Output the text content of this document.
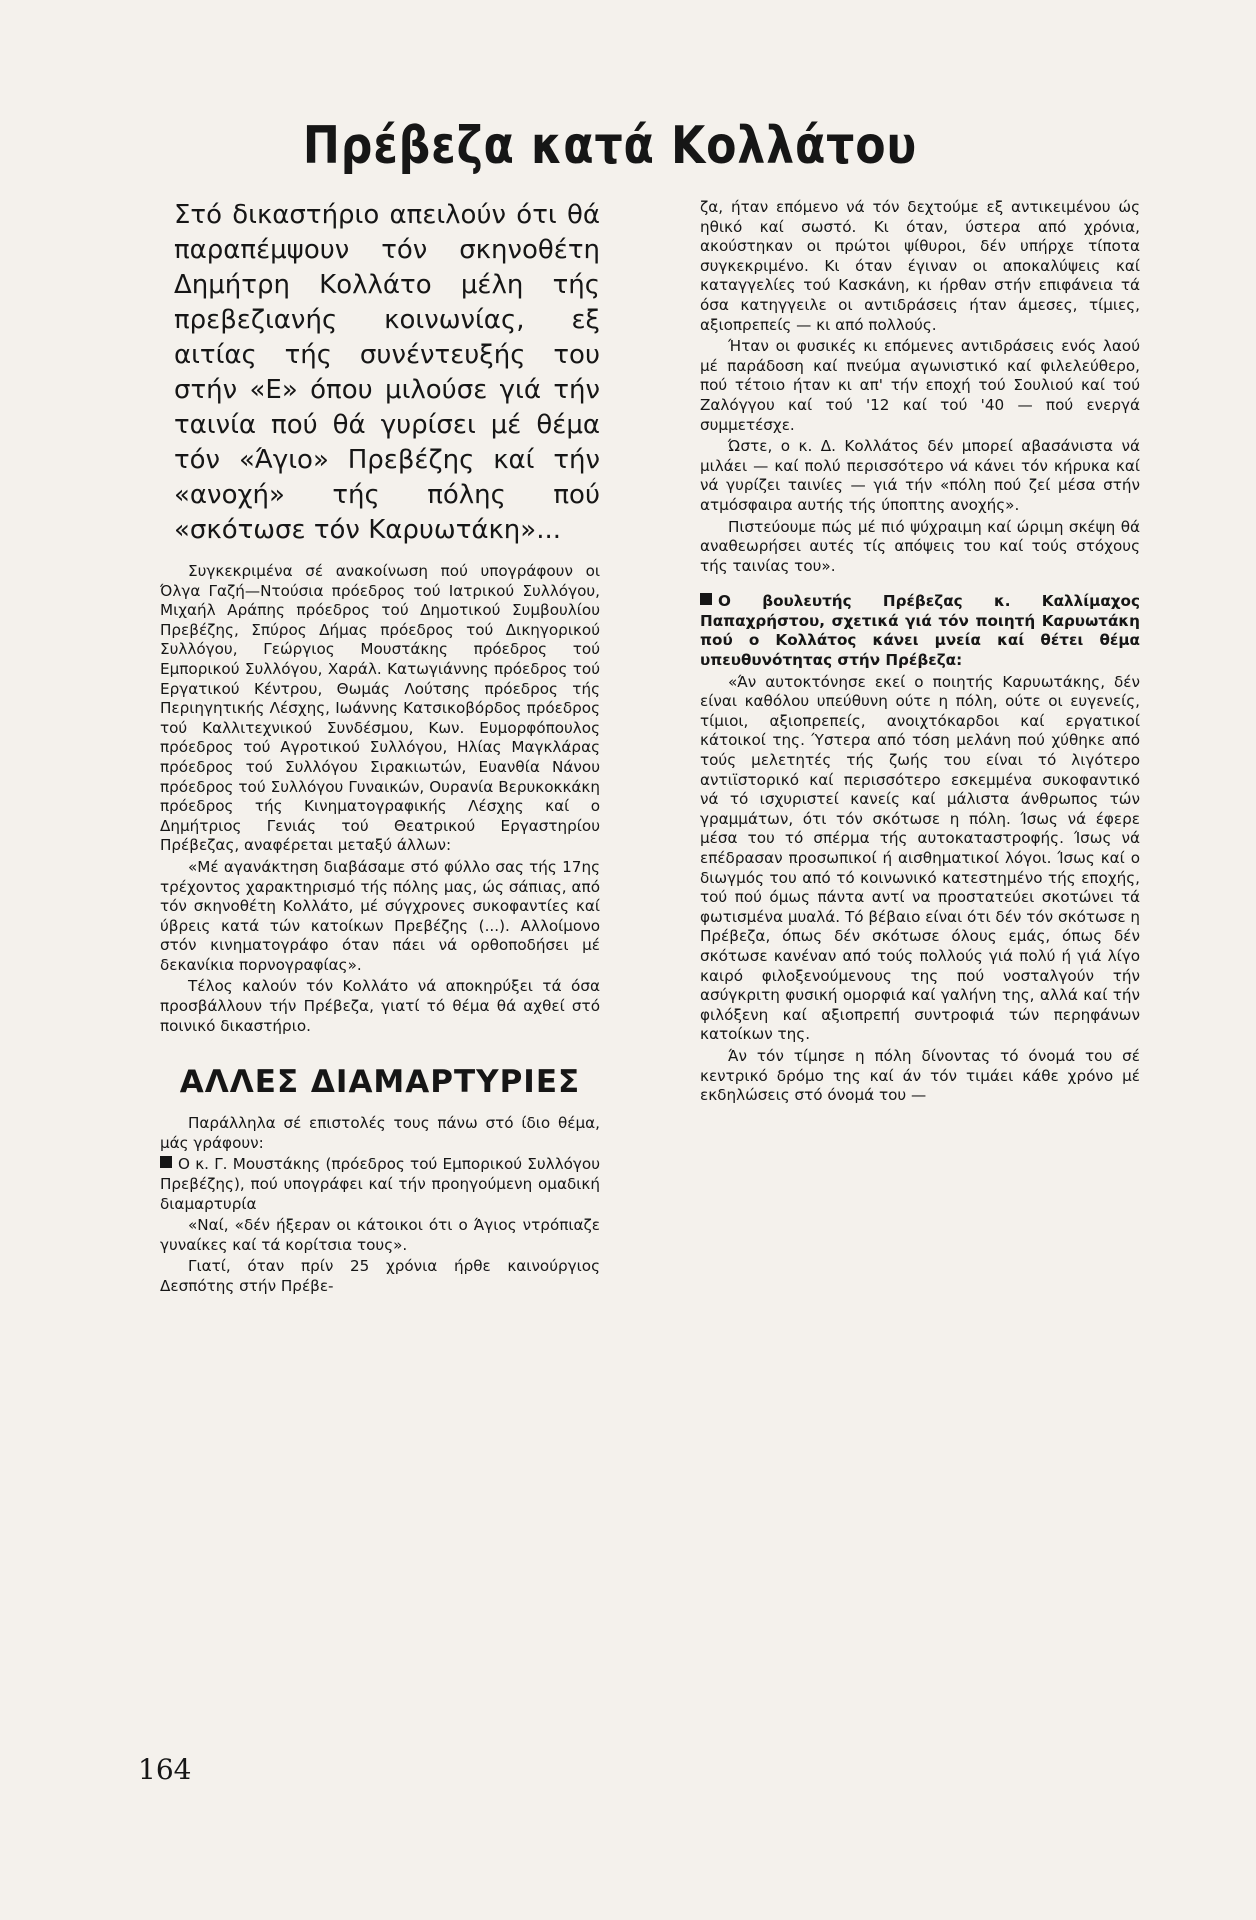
Πρέβεζα κατά Κολλάτου
Στό δικαστήριο απειλούν ότι θά παραπέμψουν τόν σκηνοθέτη Δημήτρη Κολλάτο μέλη τής πρεβεζιανής κοινωνίας, εξ αιτίας τής συνέντευξής του στήν «Ε» όπου μιλούσε γιά τήν ταινία πού θά γυρίσει μέ θέμα τόν «Άγιο» Πρεβέζης καί τήν «ανοχή» τής πόλης πού «σκότωσε τόν Καρυωτάκη»...

Συγκεκριμένα σέ ανακοίνωση πού υπογράφουν οι Όλγα Γαζή—Ντούσια πρόεδρος τού Ιατρικού Συλλόγου, Μιχαήλ Αράπης πρόεδρος τού Δημοτικού Συμβουλίου Πρεβέζης, Σπύρος Δήμας πρόεδρος τού Δικηγορικού Συλλόγου, Γεώργιος Μουστάκης πρόεδρος τού Εμπορικού Συλλόγου, Χαράλ. Κατωγιάννης πρόεδρος τού Εργατικού Κέντρου, Θωμάς Λούτσης πρόεδρος τής Περιηγητικής Λέσχης, Ιωάννης Κατσικοβόρδος πρόεδρος τού Καλλιτεχνικού Συνδέσμου, Κων. Ευμορφόπουλος πρόεδρος τού Αγροτικού Συλλόγου, Ηλίας Μαγκλάρας πρόεδρος τού Συλλόγου Σιρακιωτών, Ευανθία Νάνου πρόεδρος τού Συλλόγου Γυναικών, Ουρανία Βερυκοκκάκη πρόεδρος τής Κινηματογραφικής Λέσχης καί ο Δημήτριος Γενιάς τού Θεατρικού Εργαστηρίου Πρέβεζας, αναφέρεται μεταξύ άλλων:

«Μέ αγανάκτηση διαβάσαμε στό φύλλο σας τής 17ης τρέχοντος χαρακτηρισμό τής πόλης μας, ώς σάπιας, από τόν σκηνοθέτη Κολλάτο, μέ σύγχρονες συκοφαντίες καί ύβρεις κατά τών κατοίκων Πρεβέζης (...). Αλλοίμονο στόν κινηματογράφο όταν πάει νά ορθοποδήσει μέ δεκανίκια πορνογραφίας».

Τέλος καλούν τόν Κολλάτο νά αποκηρύξει τά όσα προσβάλλουν τήν Πρέβεζα, γιατί τό θέμα θά αχθεί στό ποινικό δικαστήριο.

ΑΛΛΕΣ ΔΙΑΜΑΡΤΥΡΙΕΣ

Παράλληλα σέ επιστολές τους πάνω στό ίδιο θέμα, μάς γράφουν:

Ο κ. Γ. Μουστάκης (πρόεδρος τού Εμπορικού Συλλόγου Πρεβέζης), πού υπογράφει καί τήν προηγούμενη ομαδική διαμαρτυρία

«Ναί, «δέν ήξεραν οι κάτοικοι ότι ο Άγιος ντρόπιαζε γυναίκες καί τά κορίτσια τους».

Γιατί, όταν πρίν 25 χρόνια ήρθε καινούργιος Δεσπότης στήν Πρέβε-

ζα, ήταν επόμενο νά τόν δεχτούμε εξ αντικειμένου ώς ηθικό καί σωστό. Κι όταν, ύστερα από χρόνια, ακούστηκαν οι πρώτοι ψίθυροι, δέν υπήρχε τίποτα συγκεκριμένο. Κι όταν έγιναν οι αποκαλύψεις καί καταγγελίες τού Κασκάνη, κι ήρθαν στήν επιφάνεια τά όσα κατηγγειλε οι αντιδράσεις ήταν άμεσες, τίμιες, αξιοπρεπείς — κι από πολλούς.

Ήταν οι φυσικές κι επόμενες αντιδράσεις ενός λαού μέ παράδοση καί πνεύμα αγωνιστικό καί φιλελεύθερο, πού τέτοιο ήταν κι απ' τήν εποχή τού Σουλιού καί τού Ζαλόγγου καί τού '12 καί τού '40 — πού ενεργά συμμετέσχε.

Ώστε, ο κ. Δ. Κολλάτος δέν μπορεί αβασάνιστα νά μιλάει — καί πολύ περισσότερο νά κάνει τόν κήρυκα καί νά γυρίζει ταινίες — γιά τήν «πόλη πού ζεί μέσα στήν ατμόσφαιρα αυτής τής ύποπτης ανοχής».

Πιστεύουμε πώς μέ πιό ψύχραιμη καί ώριμη σκέψη θά αναθεωρήσει αυτές τίς απόψεις του καί τούς στόχους τής ταινίας του».

Ο βουλευτής Πρέβεζας κ. Καλλίμαχος Παπαχρήστου, σχετικά γιά τόν ποιητή Καρυωτάκη πού ο Κολλάτος κάνει μνεία καί θέτει θέμα υπευθυνότητας στήν Πρέβεζα:

«Άν αυτοκτόνησε εκεί ο ποιητής Καρυωτάκης, δέν είναι καθόλου υπεύθυνη ούτε η πόλη, ούτε οι ευγενείς, τίμιοι, αξιοπρεπείς, ανοιχτόκαρδοι καί εργατικοί κάτοικοί της. Ύστερα από τόση μελάνη πού χύθηκε από τούς μελετητές τής ζωής του είναι τό λιγότερο αντιϊστορικό καί περισσότερο εσκεμμένα συκοφαντικό νά τό ισχυριστεί κανείς καί μάλιστα άνθρωπος τών γραμμάτων, ότι τόν σκότωσε η πόλη. Ίσως νά έφερε μέσα του τό σπέρμα τής αυτοκαταστροφής. Ίσως νά επέδρασαν προσωπικοί ή αισθηματικοί λόγοι. Ίσως καί ο διωγμός του από τό κοινωνικό κατεστημένο τής εποχής, τού πού όμως πάντα αντί να προστατεύει σκοτώνει τά φωτισμένα μυαλά. Τό βέβαιο είναι ότι δέν τόν σκότωσε η Πρέβεζα, όπως δέν σκότωσε όλους εμάς, όπως δέν σκότωσε κανέναν από τούς πολλούς γιά πολύ ή γιά λίγο καιρό φιλοξενούμενους της πού νοσταλγούν τήν ασύγκριτη φυσική ομορφιά καί γαλήνη της, αλλά καί τήν φιλόξενη καί αξιοπρεπή συντροφιά τών περηφάνων κατοίκων της.

Άν τόν τίμησε η πόλη δίνοντας τό όνομά του σέ κεντρικό δρόμο της καί άν τόν τιμάει κάθε χρόνο μέ εκδηλώσεις στό όνομά του —

164
